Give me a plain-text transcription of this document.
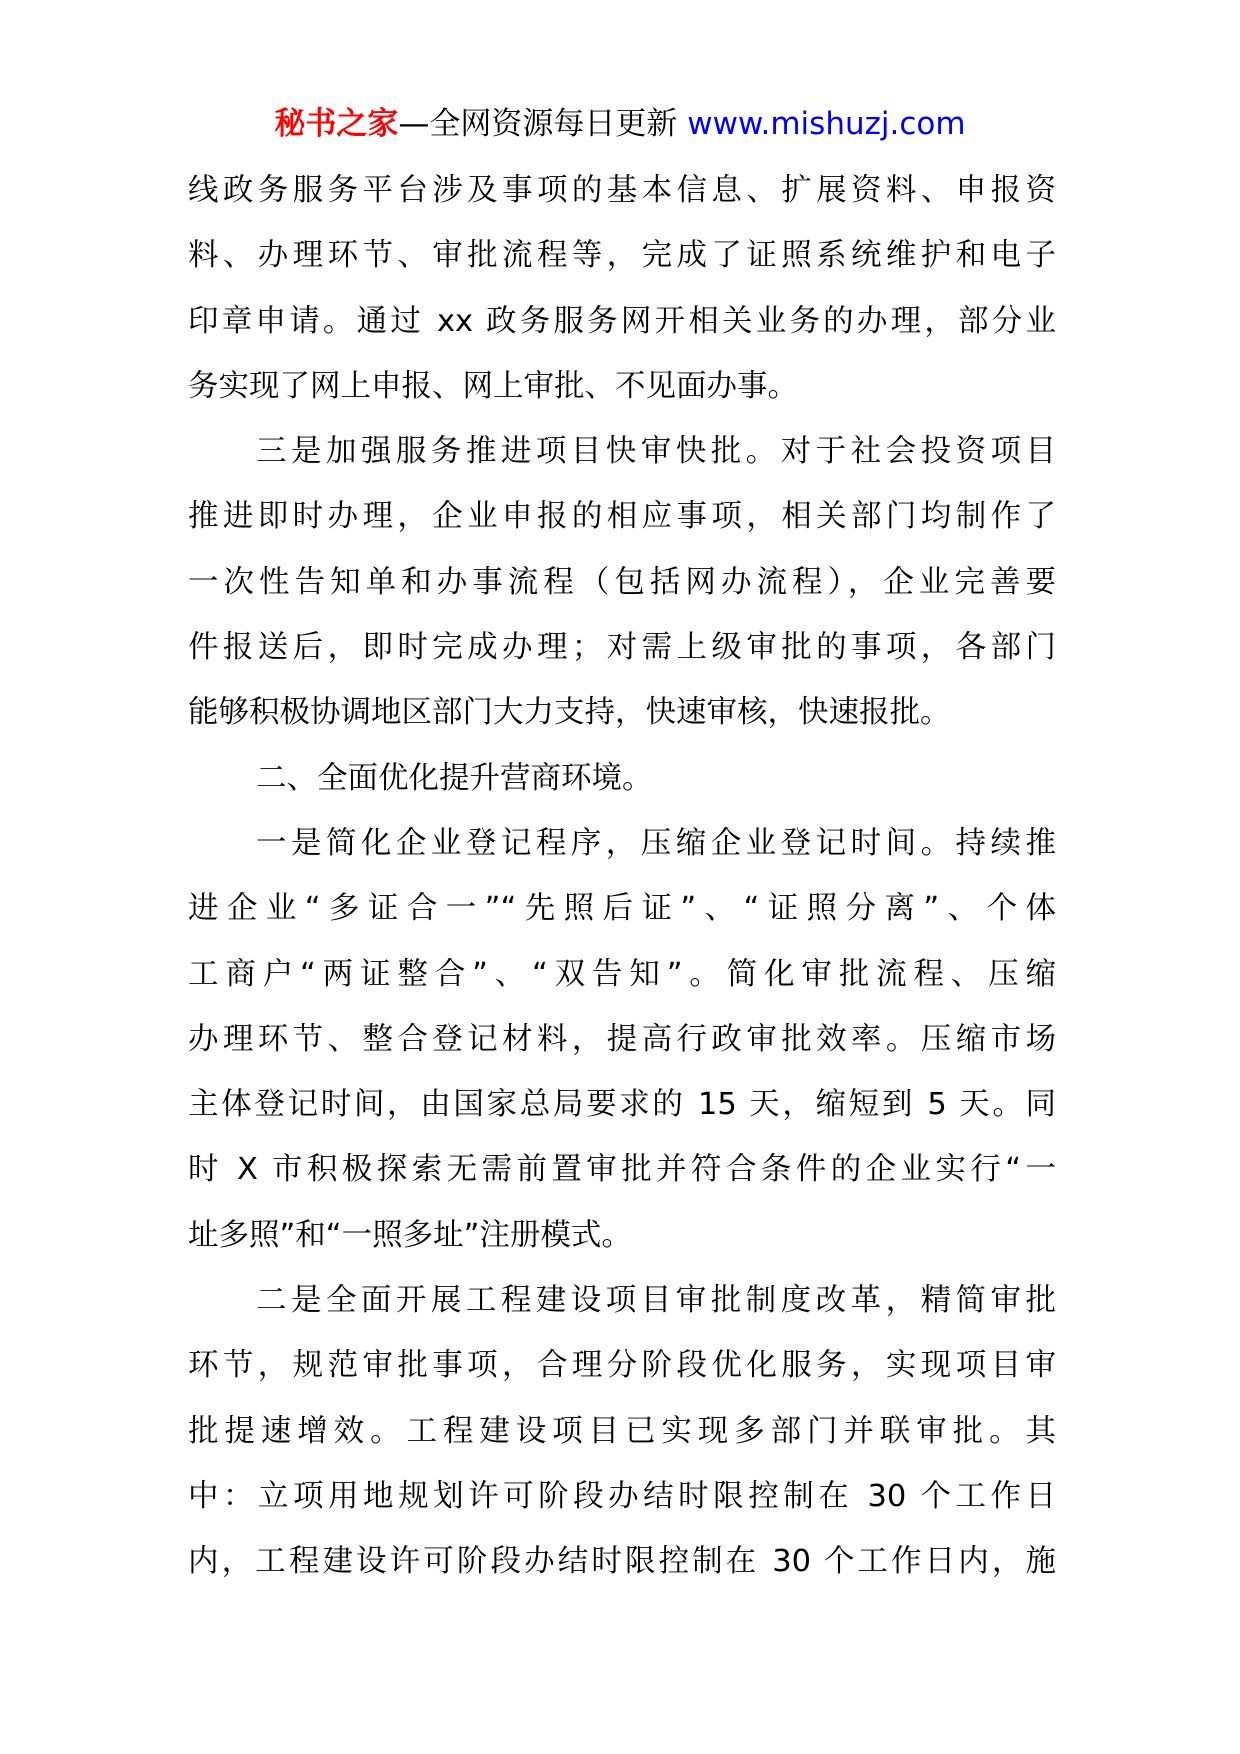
秘书之家—全网资源每日更新 www.mishuzj.com
线政务服务平台涉及事项的基本信息、扩展资料、申报资
料、办理环节、审批流程等，完成了证照系统维护和电子
印章申请。通过 xx 政务服务网开相关业务的办理，部分业
务实现了网上申报、网上审批、不见面办事。
三是加强服务推进项目快审快批。对于社会投资项目
推进即时办理，企业申报的相应事项，相关部门均制作了
一次性告知单和办事流程（包括网办流程），企业完善要
件报送后，即时完成办理；对需上级审批的事项，各部门
能够积极协调地区部门大力支持，快速审核，快速报批。
二、全面优化提升营商环境。
一是简化企业登记程序，压缩企业登记时间。持续推
进企业“多证合一”“先照后证”、“证照分离”、个体
工商户“两证整合”、“双告知”。简化审批流程、压缩
办理环节、整合登记材料，提高行政审批效率。压缩市场
主体登记时间，由国家总局要求的 15 天，缩短到 5 天。同
时 X 市积极探索无需前置审批并符合条件的企业实行“一
址多照”和“一照多址”注册模式。
二是全面开展工程建设项目审批制度改革，精简审批
环节，规范审批事项，合理分阶段优化服务，实现项目审
批提速增效。工程建设项目已实现多部门并联审批。其
中：立项用地规划许可阶段办结时限控制在 30 个工作日
内，工程建设许可阶段办结时限控制在 30 个工作日内，施
